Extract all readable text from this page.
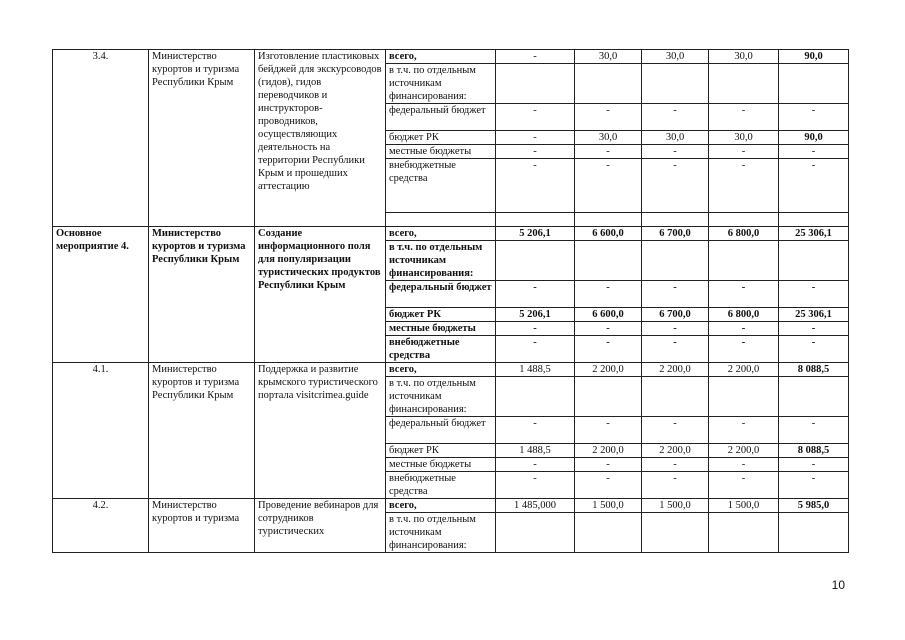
3.4.	Министерство курортов и туризма Республики Крым	Изготовление пластиковых бейджей для экскурсоводов (гидов), гидов переводчиков и инструкторов-проводников, осуществляющих деятельность на территории Республики Крым и прошедших аттестацию	всего,	-	30,0	30,0	30,0	90,0
			в т.ч. по отдельным источникам финансирования:					
			федеральный бюджет	-	-	-	-	-
			бюджет РК	-	30,0	30,0	30,0	90,0
			местные бюджеты	-	-	-	-	-
			внебюджетные средства	-	-	-	-	-

Основное мероприятие 4.	Министерство курортов и туризма Республики Крым	Создание информационного поля для популяризации туристических продуктов Республики Крым	всего,	5 206,1	6 600,0	6 700,0	6 800,0	25 306,1
			в т.ч. по отдельным источникам финансирования:					
			федеральный бюджет	-	-	-	-	-
			бюджет РК	5 206,1	6 600,0	6 700,0	6 800,0	25 306,1
			местные бюджеты	-	-	-	-	-
			внебюджетные средства	-	-	-	-	-
4.1.	Министерство курортов и туризма Республики Крым	Поддержка и развитие крымского туристического портала visitcrimea.guide	всего,	1 488,5	2 200,0	2 200,0	2 200,0	8 088,5
			в т.ч. по отдельным источникам финансирования:					
			федеральный бюджет	-	-	-	-	-
			бюджет РК	1 488,5	2 200,0	2 200,0	2 200,0	8 088,5
			местные бюджеты	-	-	-	-	-
			внебюджетные средства	-	-	-	-	-
4.2.	Министерство курортов и туризма	Проведение вебинаров для сотрудников туристических	всего,	1 485,000	1 500,0	1 500,0	1 500,0	5 985,0
			в т.ч. по отдельным источникам финансирования:					
10
